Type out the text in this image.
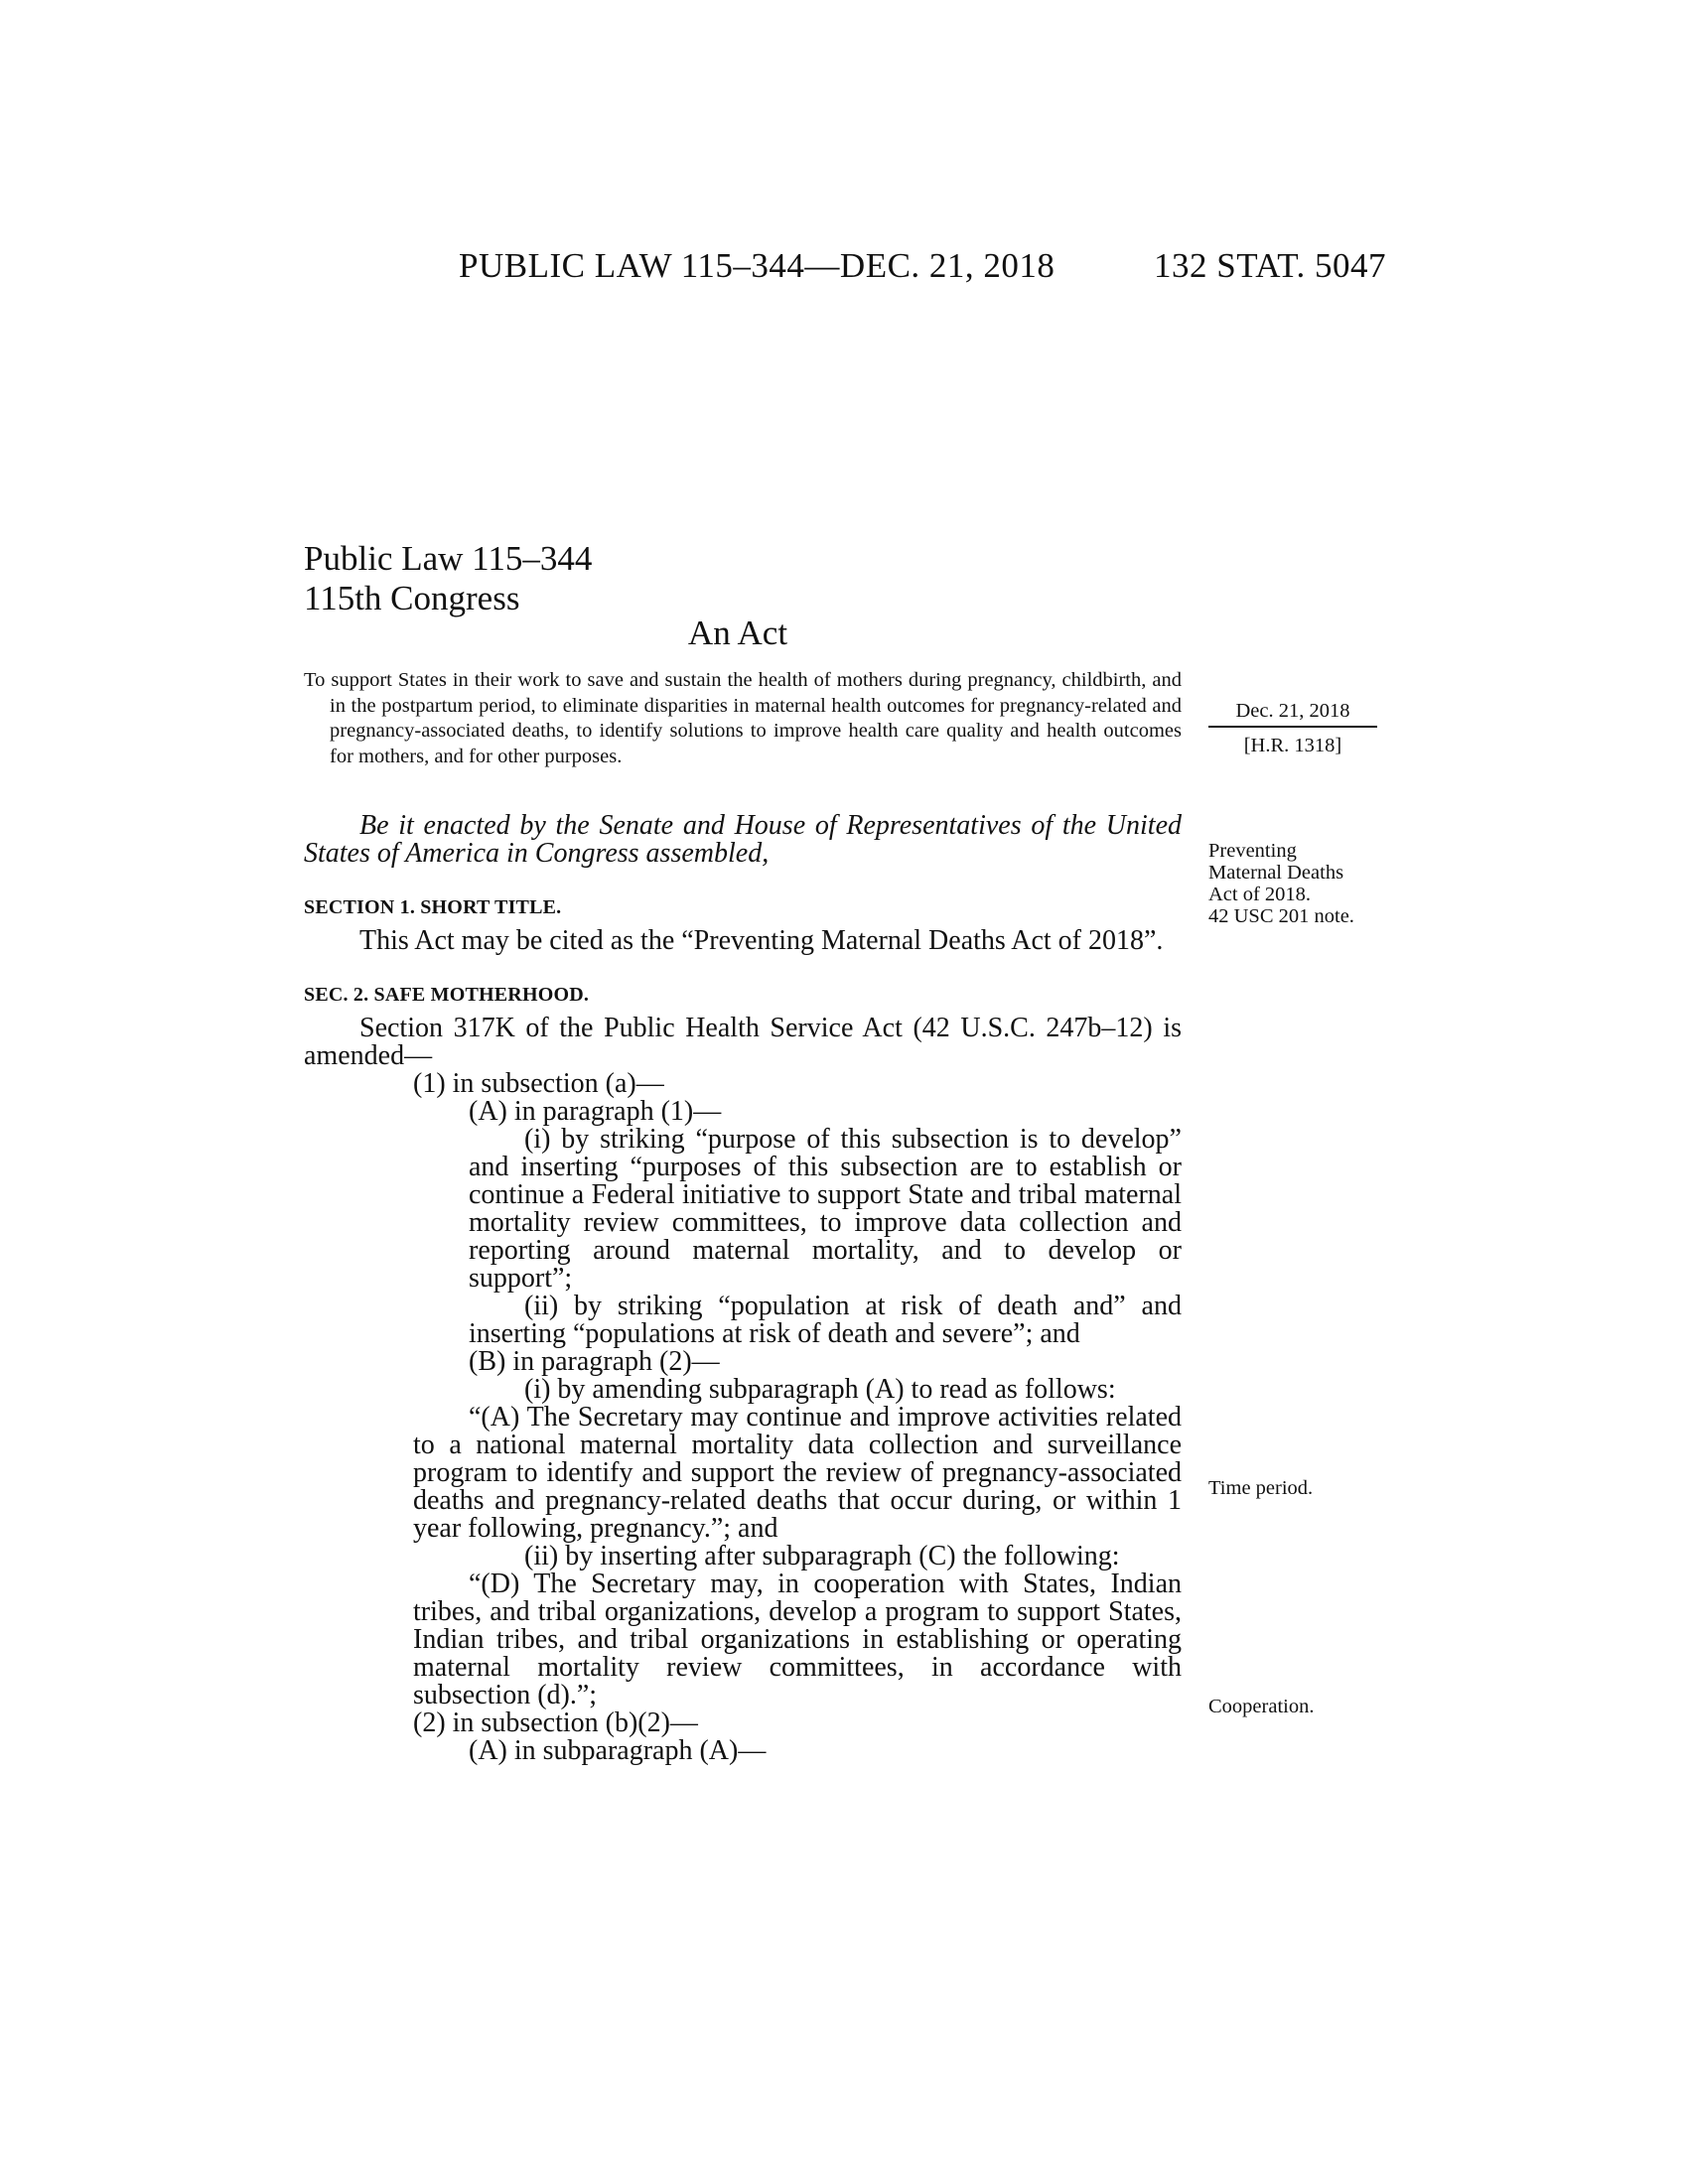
PUBLIC LAW 115–344—DEC. 21, 2018	132 STAT. 5047
Public Law 115–344
115th Congress
An Act

To support States in their work to save and sustain the health of mothers during pregnancy, childbirth, and in the postpartum period, to eliminate disparities in maternal health outcomes for pregnancy-related and pregnancy-associated deaths, to identify solutions to improve health care quality and health outcomes for mothers, and for other purposes.

Dec. 21, 2018
[H.R. 1318]
Preventing
Maternal Deaths
Act of 2018.
42 USC 201 note.
Time period.
Cooperation.

Be it enacted by the Senate and House of Representatives of the United States of America in Congress assembled,

SECTION 1. SHORT TITLE.

This Act may be cited as the “Preventing Maternal Deaths Act of 2018”.

SEC. 2. SAFE MOTHERHOOD.

Section 317K of the Public Health Service Act (42 U.S.C. 247b–12) is amended—

(1) in subsection (a)—

(A) in paragraph (1)—

(i) by striking “purpose of this subsection is to develop” and inserting “purposes of this subsection are to establish or continue a Federal initiative to support State and tribal maternal mortality review committees, to improve data collection and reporting around maternal mortality, and to develop or support”;

(ii) by striking “population at risk of death and” and inserting “populations at risk of death and severe”; and

(B) in paragraph (2)—

(i) by amending subparagraph (A) to read as follows:

“(A) The Secretary may continue and improve activities related to a national maternal mortality data collection and surveillance program to identify and support the review of pregnancy-associated deaths and pregnancy-related deaths that occur during, or within 1 year following, pregnancy.”; and

(ii) by inserting after subparagraph (C) the following:

“(D) The Secretary may, in cooperation with States, Indian tribes, and tribal organizations, develop a program to support States, Indian tribes, and tribal organizations in establishing or operating maternal mortality review committees, in accordance with subsection (d).”;

(2) in subsection (b)(2)—

(A) in subparagraph (A)—
